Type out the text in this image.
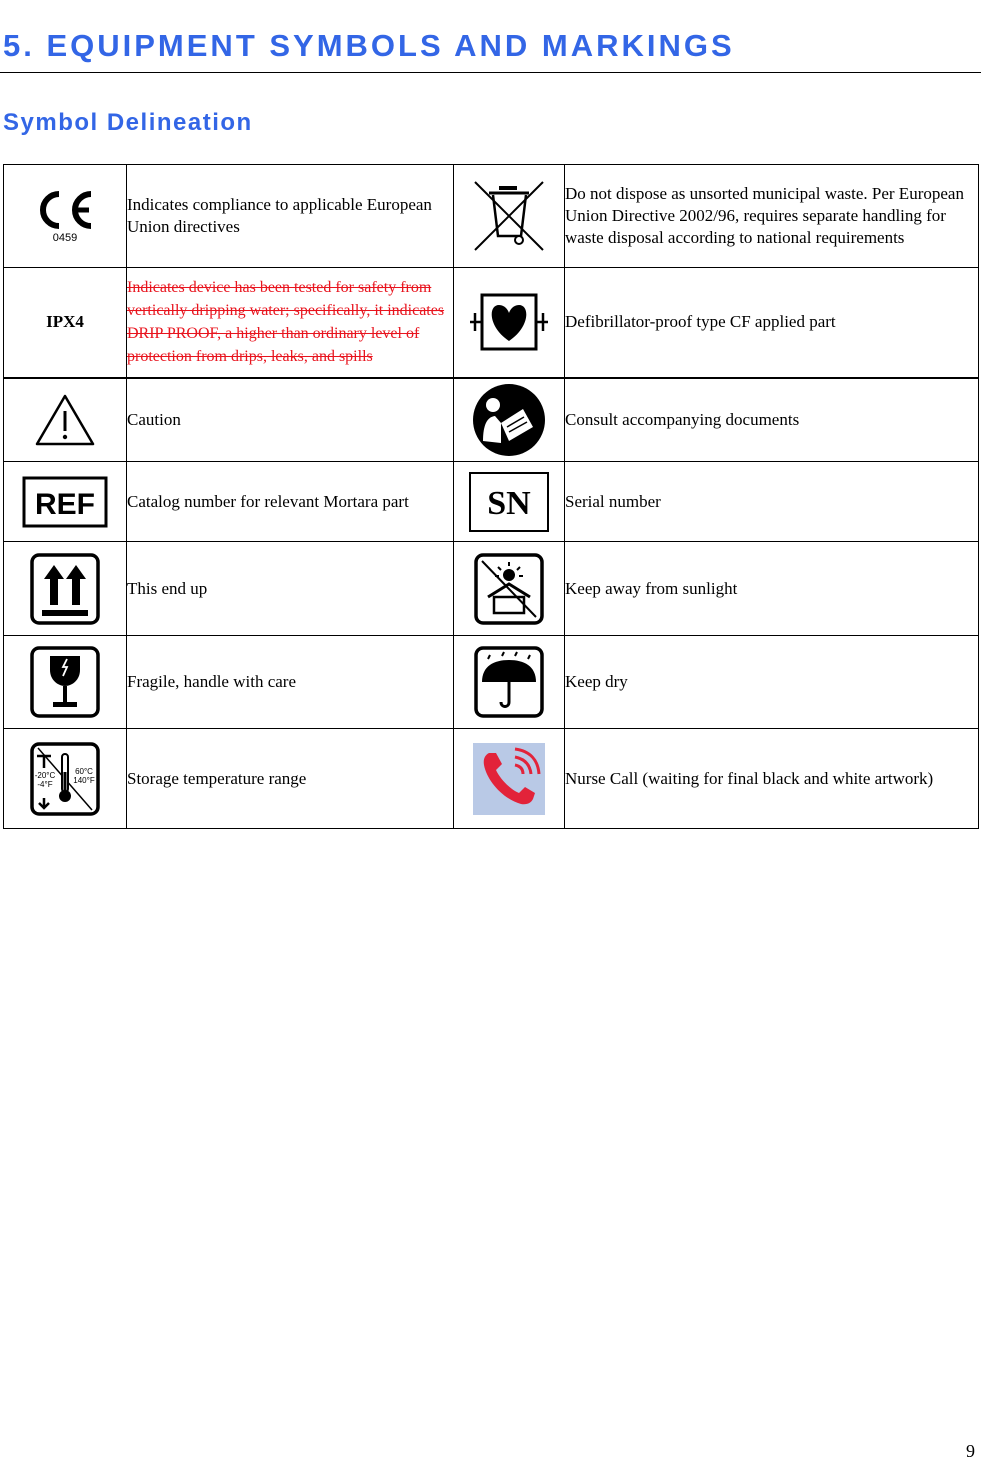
5. EQUIPMENT SYMBOLS AND MARKINGS
Symbol Delineation
0459	Indicates compliance to applicable European Union directives		Do not dispose as unsorted municipal waste. Per European Union Directive 2002/96, requires separate handling for waste disposal according to national requirements
IPX4	Indicates device has been tested for safety from vertically dripping water; specifically, it indicates DRIP PROOF, a higher than ordinary level of protection from drips, leaks, and spills		Defibrillator-proof type CF applied part
	Caution		Consult accompanying documents

REF	Catalog number for relevant Mortara part	SN	Serial number
	This end up		Keep away from sunlight
	Fragile, handle with care		Keep dry

-20°C
-4°F
60°C
140°F	Storage temperature range		Nurse Call (waiting for final black and white artwork)
9
